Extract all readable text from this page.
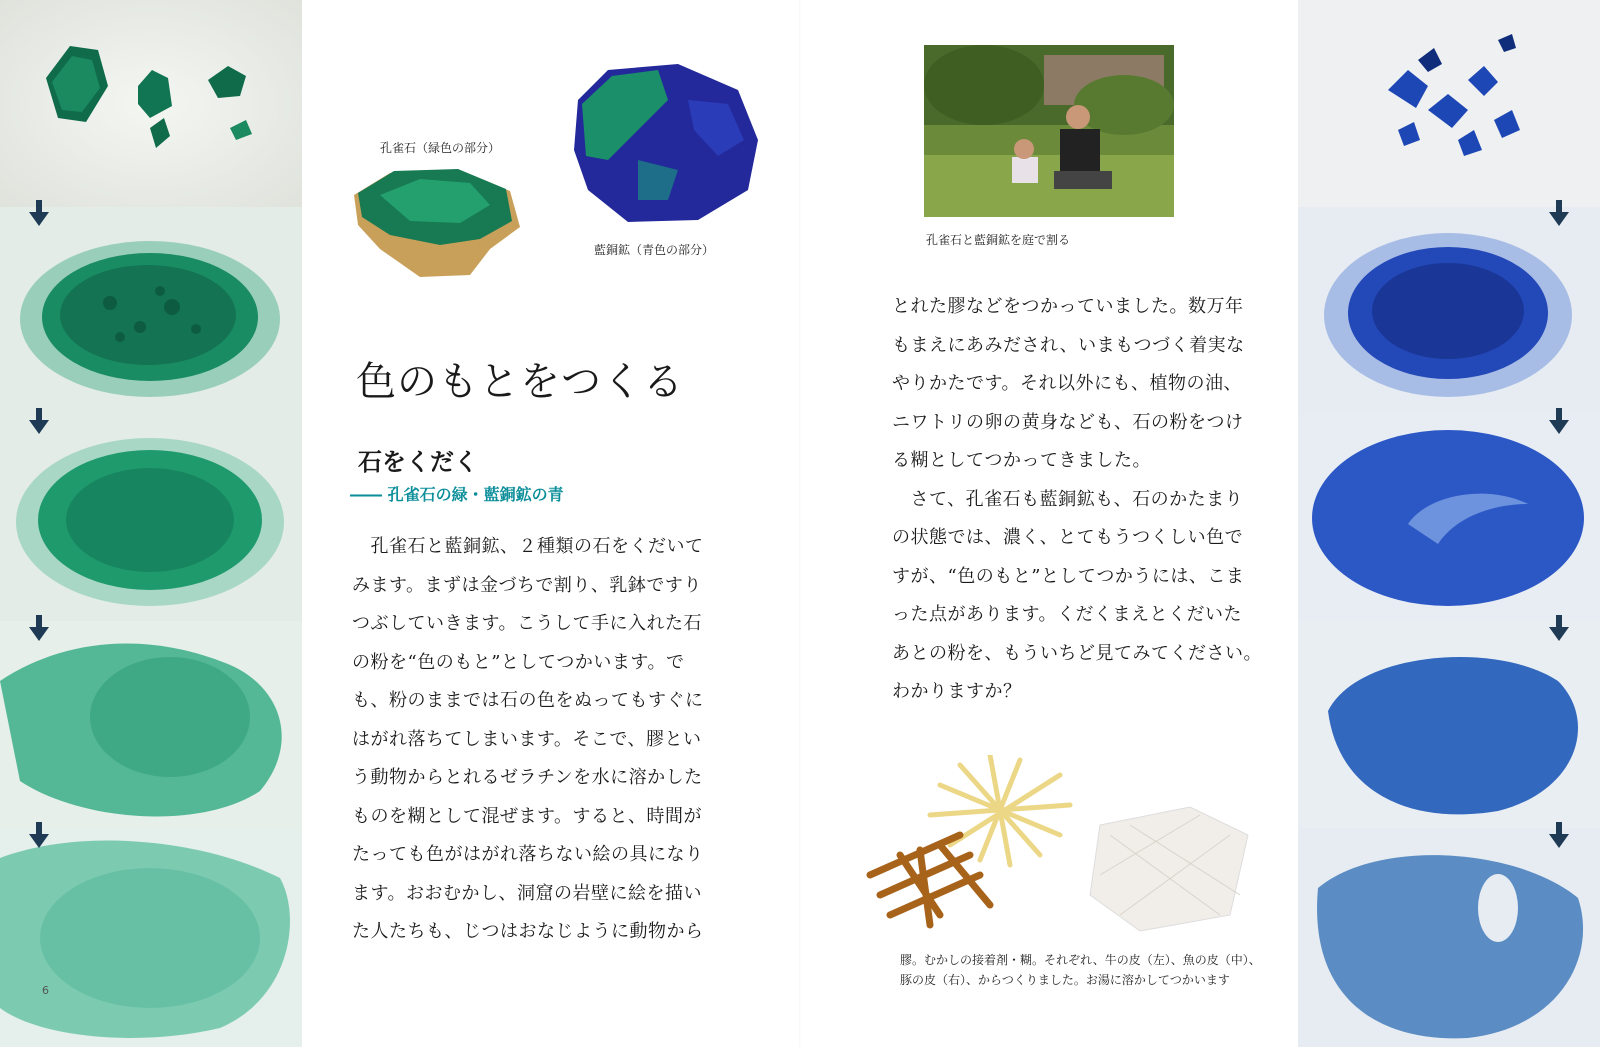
6
孔雀石（緑色の部分）
藍銅鉱（青色の部分）
色のもとをつくる
石をくだく
―― 孔雀石の緑・藍銅鉱の青

　孔雀石と藍銅鉱、２種類の石をくだいて

みます。まずは金づちで割り、乳鉢ですり

つぶしていきます。こうして手に入れた石

の粉を“色のもと”としてつかいます。で

も、粉のままでは石の色をぬってもすぐに

はがれ落ちてしまいます。そこで、膠とい

う動物からとれるゼラチンを水に溶かした

ものを糊として混ぜます。すると、時間が

たっても色がはがれ落ちない絵の具になり

ます。おおむかし、洞窟の岩壁に絵を描い

た人たちも、じつはおなじように動物から

孔雀石と藍銅鉱を庭で割る

とれた膠などをつかっていました。数万年

もまえにあみだされ、いまもつづく着実な

やりかたです。それ以外にも、植物の油、

ニワトリの卵の黄身なども、石の粉をつけ

る糊としてつかってきました。

　さて、孔雀石も藍銅鉱も、石のかたまり

の状態では、濃く、とてもうつくしい色で

すが、“色のもと”としてつかうには、こま

った点があります。くだくまえとくだいた

あとの粉を、もういちど見てみてください。

わかりますか？

膠。むかしの接着剤・糊。それぞれ、牛の皮（左）、魚の皮（中）、
豚の皮（右）、からつくりました。お湯に溶かしてつかいます
